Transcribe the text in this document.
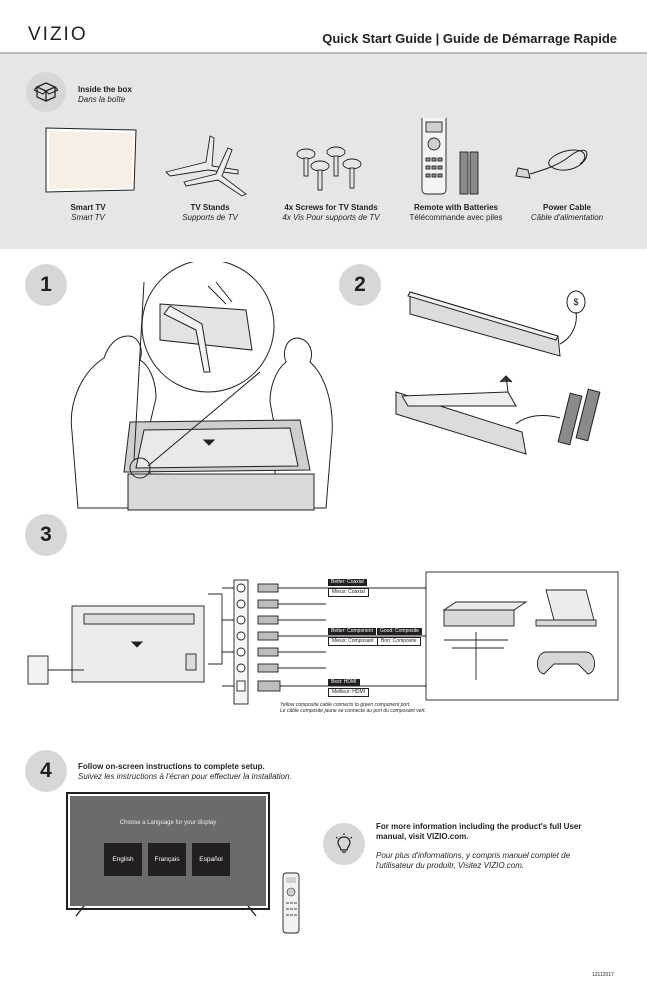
VIZIO	Quick Start Guide | Guide de Démarrage Rapide
Inside the box
Dans la boîte
Smart TV
Smart TV
TV Stands
Supports de TV
4x Screws for TV Stands
4x Vis Pour supports de TV
Remote with Batteries
Télécommande avec piles
Power Cable
Câble d'alimentation
1	2
$
3
Better: Coaxial
Mieux: Coaxial
Better: Component
Mieux: Composant
Good: Composite
Bon: Composite
Best: HDMI
Meilleur: HDMI
Yellow composite cable connects to green component port.
Le câble composite jaune se connecte au port du composant vert.
4	Follow on-screen instructions to complete setup.
Suivez les instructions à l'écran pour effectuer la installation.
Choose a Language for your display
English	Français	Español
For more information including the product's full User manual, visit VIZIO.com.
Pour plus d'informations, y compris manuel complet de l'utilisateur du produitr, Visitez VIZIO.com.
12112017
